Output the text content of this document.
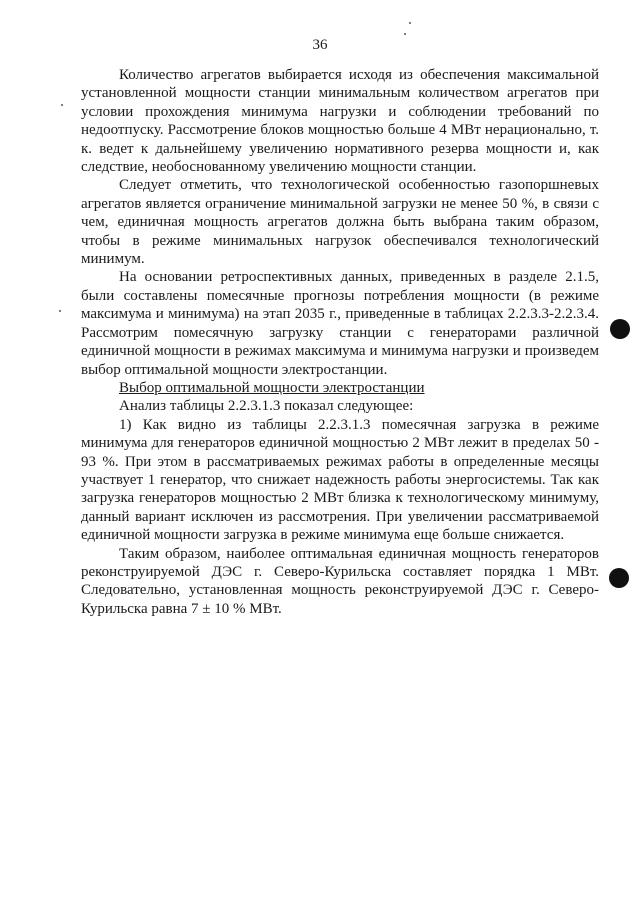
36

Количество агрегатов выбирается исходя из обеспечения максимальной установленной мощности станции минимальным количеством агрегатов при условии прохождения минимума нагрузки и соблюдении требований по недоотпуску. Рассмотрение блоков мощностью больше 4 МВт нерационально, т. к. ведет к дальнейшему увеличению нормативного резерва мощности и, как следствие, необоснованному увеличению мощности станции.

Следует отметить, что технологической особенностью газопоршневых агрегатов является ограничение минимальной загрузки не менее 50 %, в связи с чем, единичная мощность агрегатов должна быть выбрана таким образом, чтобы в режиме минимальных нагрузок обеспечивался технологический минимум.

На основании ретроспективных данных, приведенных в разделе 2.1.5, были составлены помесячные прогнозы потребления мощности (в режиме максимума и минимума) на этап 2035 г., приведенные в таблицах 2.2.3.3-2.2.3.4. Рассмотрим помесячную загрузку станции с генераторами различной единичной мощности в режимах максимума и минимума нагрузки и произведем выбор оптимальной мощности электростанции.

Выбор оптимальной мощности электростанции

Анализ таблицы 2.2.3.1.3 показал следующее:

1) Как видно из таблицы 2.2.3.1.3 помесячная загрузка в режиме минимума для генераторов единичной мощностью 2 МВт лежит в пределах 50 - 93 %. При этом в рассматриваемых режимах работы в определенные месяцы участвует 1 генератор, что снижает надежность работы энергосистемы. Так как загрузка генераторов мощностью 2 МВт близка к технологическому минимуму, данный вариант исключен из рассмотрения. При увеличении рассматриваемой единичной мощности загрузка в режиме минимума еще больше снижается.

Таким образом, наиболее оптимальная единичная мощность генераторов реконструируемой ДЭС г. Северо-Курильска составляет порядка 1 МВт. Следовательно, установленная мощность реконструируемой ДЭС г. Северо-Курильска равна 7 ± 10 % МВт.
